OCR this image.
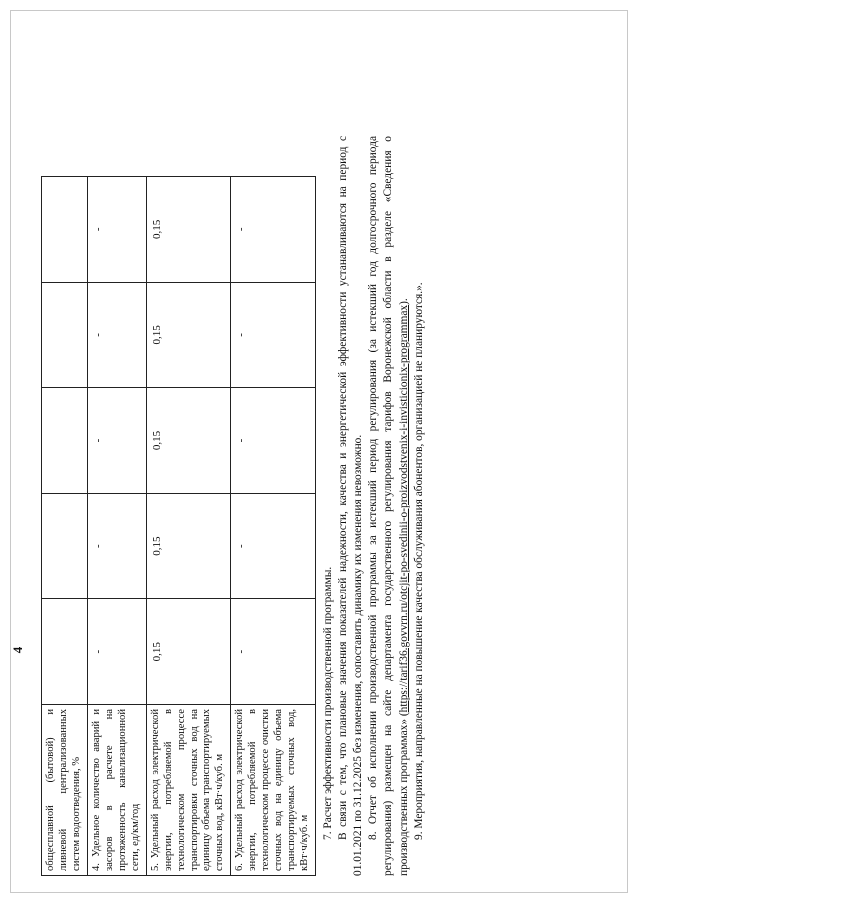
4
общесплавной (бытовой) и ливневой централизованных систем водоотведения, %					
4. Удельное количество аварий и засоров в расчете на протяженность канализационной сети, ед/км/год	-	-	-	-	-
5. Удельный расход электрической энергии, потребляемой в технологическом процессе транспортировки сточных вод на единицу объема транспортируемых сточных вод, кВт·ч/куб. м	0,15	0,15	0,15	0,15	0,15
6. Удельный расход электрической энергии, потребляемой в технологическом процессе очистки сточных вод на единицу объема транспортируемых сточных вод, кВт·ч/куб. м	-	-	-	-	-

7. Расчет эффективности производственной программы. В связи с тем, что плановые значения показателей надежности, качества и энергетической эффективности устанавливаются на период с 01.01.2021 по 31.12.2025 без изменения, сопоставить динамику их изменения невозможно. 8. Отчет об исполнении производственной программы за истекший период регулирования (за истекший год долгосрочного периода регулирования) размещен на сайте департамента государственного регулирования тарифов Воронежской области в разделе «Сведения о производственных программах» (https://tarif36.govvrn.ru/otcjit-po-svedinii-o-proizvodstvenix-i-invisticionix-programmax). 9. Мероприятия, направленные на повышение качества обслуживания абонентов, организацией не планируются.».
